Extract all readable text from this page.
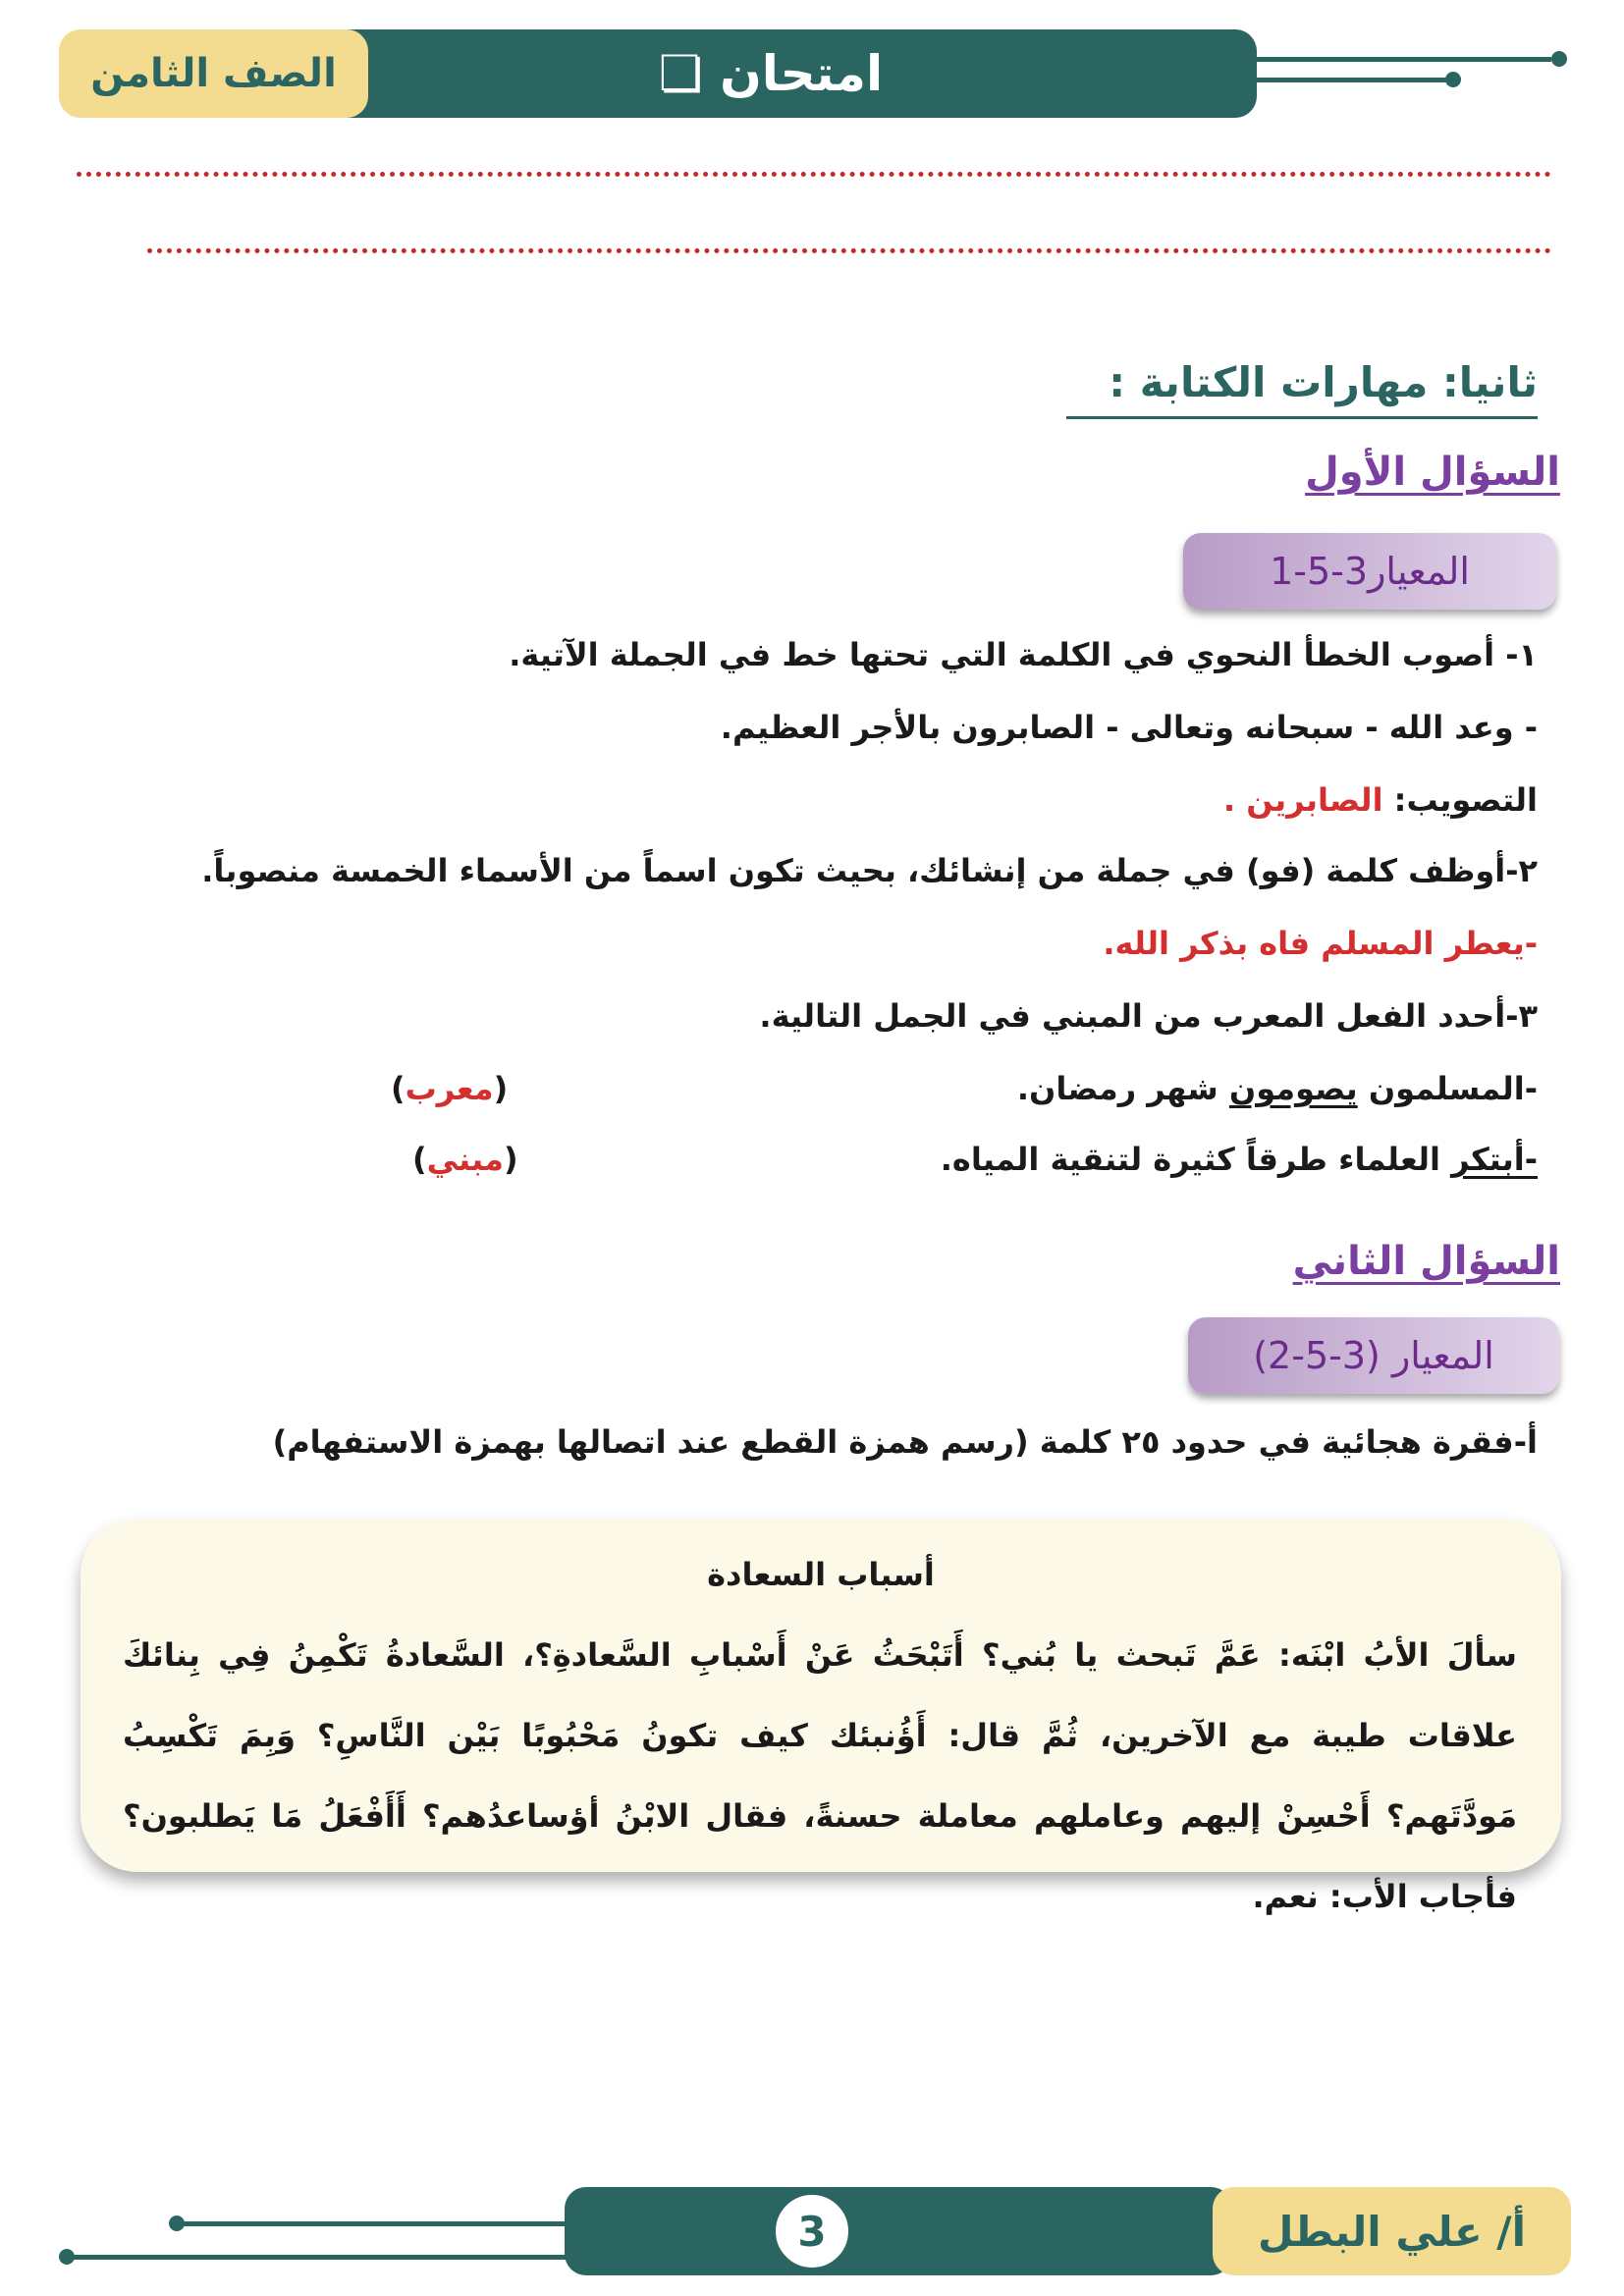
امتحان ❏
الصف الثامن
ثانيا: مهارات الكتابة :
السؤال الأول
المعيار3-5-1
١- أصوب الخطأ النحوي في الكلمة التي تحتها خط في الجملة الآتية.
- وعد الله - سبحانه وتعالى - الصابرون بالأجر العظيم.
التصويب: الصابرين .
٢-أوظف كلمة (فو) في جملة من إنشائك، بحيث تكون اسماً من الأسماء الخمسة منصوباً.
-يعطر المسلم فاه بذكر الله.
٣-أحدد الفعل المعرب من المبني في الجمل التالية.
-المسلمون يصومون شهر رمضان.
(معرب)
-أبتكر العلماء طرقاً كثيرة لتنقية المياه.
(مبني)
السؤال الثاني
المعيار (3-5-2)
أ-فقرة هجائية في حدود ٢٥ كلمة (رسم همزة القطع عند اتصالها بهمزة الاستفهام)
أسباب السعادة
سألَ الأبُ ابْنَه: عَمَّ تَبحث يا بُني؟ أَتَبْحَثُ عَنْ أَسْبابِ السَّعادةِ؟، السَّعادةُ تَكْمِنُ فِي بِنائكَ علاقات طيبة مع الآخرين، ثُمَّ قال: أَؤُنبئك كيف تكونُ مَحْبُوبًا بَيْن النَّاسِ؟ وَبِمَ تَكْسِبُ مَودَّتَهم؟ أَحْسِنْ إليهم وعاملهم معاملة حسنةً، فقال الابْنُ أؤساعدُهم؟ أَأَفْعَلُ مَا يَطلبون؟ فأجاب الأب: نعم.
3	أ/ علي البطل
